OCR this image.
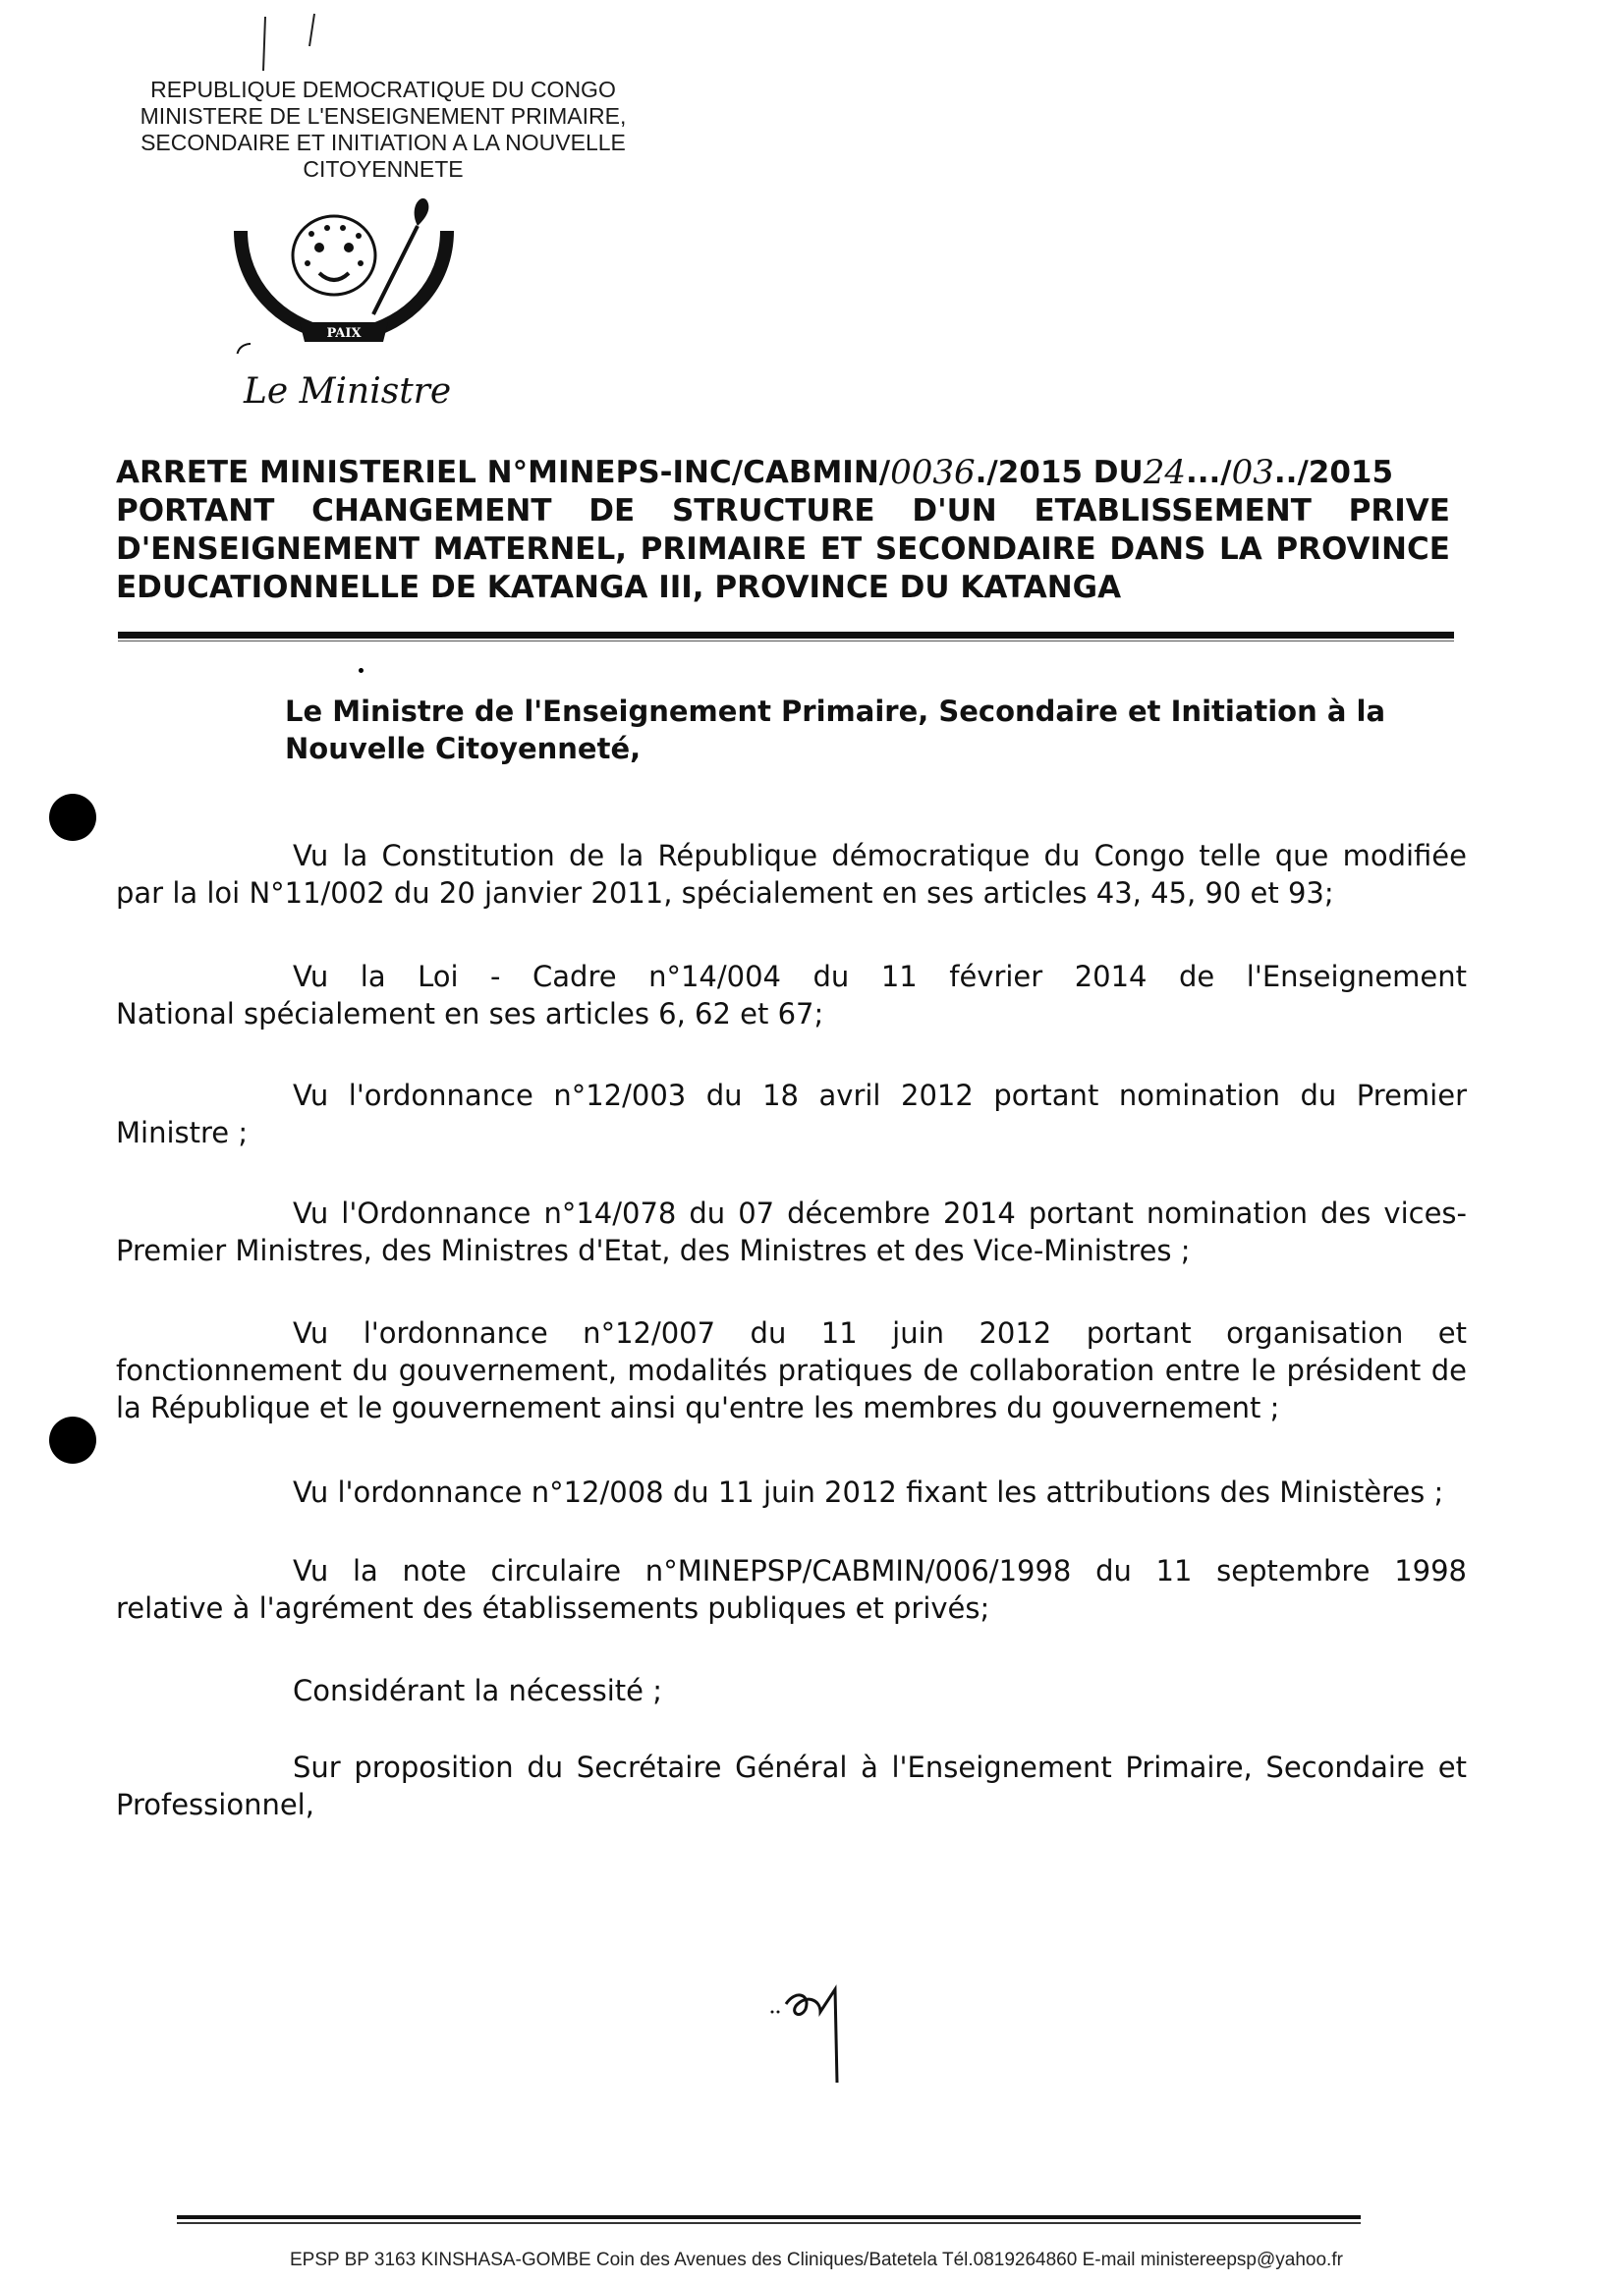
REPUBLIQUE DEMOCRATIQUE DU CONGO
MINISTERE DE L'ENSEIGNEMENT PRIMAIRE,
SECONDAIRE ET INITIATION A LA NOUVELLE
CITOYENNETE
PAIX
Le Ministre
ARRETE MINISTERIEL N°MINEPS-INC/CABMIN/ 0036 ./2015 DU 24 .../ 03 ../2015
PORTANT CHANGEMENT DE STRUCTURE D'UN ETABLISSEMENT PRIVE
D'ENSEIGNEMENT MATERNEL, PRIMAIRE ET SECONDAIRE DANS LA PROVINCE
EDUCATIONNELLE DE KATANGA III, PROVINCE DU KATANGA
Le Ministre de l'Enseignement Primaire, Secondaire et Initiation à la
Nouvelle Citoyenneté,
Vu la Constitution de la République démocratique du Congo telle que modifiée
par la loi N°11/002 du 20 janvier 2011, spécialement en ses articles 43, 45, 90 et 93;
Vu la Loi - Cadre n°14/004 du 11 février 2014 de l'Enseignement
National spécialement en ses articles 6, 62 et 67;
Vu l'ordonnance n°12/003 du 18 avril 2012 portant nomination du Premier
Ministre ;
Vu l'Ordonnance n°14/078 du 07 décembre 2014 portant nomination des vices-
Premier Ministres, des Ministres d'Etat, des Ministres et des Vice-Ministres ;
Vu l'ordonnance n°12/007 du 11 juin 2012 portant organisation et
fonctionnement du gouvernement, modalités pratiques de collaboration entre le président de la République et le gouvernement ainsi qu'entre les membres du gouvernement ;
Vu l'ordonnance n°12/008 du 11 juin 2012 fixant les attributions des Ministères ;
Vu la note circulaire n°MINEPSP/CABMIN/006/1998 du 11 septembre 1998
relative à l'agrément des établissements publiques et privés;
Considérant la nécessité ;
Sur proposition du Secrétaire Général à l'Enseignement Primaire, Secondaire et
Professionnel,
EPSP BP 3163 KINSHASA-GOMBE Coin des Avenues des Cliniques/Batetela Tél.0819264860 E-mail ministereepsp@yahoo.fr
